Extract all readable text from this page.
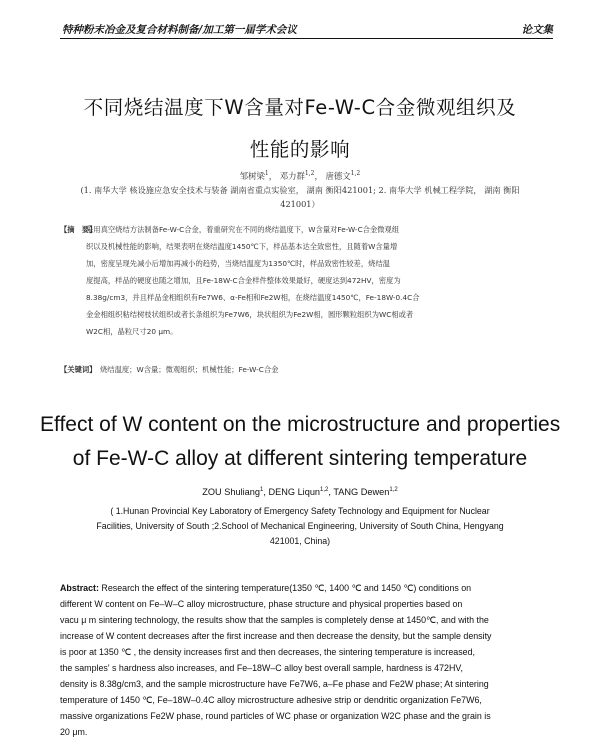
特种粉末冶金及复合材料制备/加工第一届学术会议	论文集
不同烧结温度下W含量对Fe-W-C合金微观组织及
性能的影响
邹树梁$^1$， 邓力群$^{1,2}$， 唐德文$^{1,2}$
(1. 南华大学 核设施应急安全技术与装备 湖南省重点实验室， 湖南 衡阳421001; 2. 南华大学 机械工程学院， 湖南 衡阳
421001）
【摘　要】
采用真空烧结方法制备Fe-W-C合金，着重研究在不同的烧结温度下，W含量对Fe-W-C合金微观组
织以及机械性能的影响，结果表明在烧结温度1450℃下，样品基本达全致密性，且随着W含量增
加，密度呈现先减小后增加再减小的趋势，当烧结温度为1350℃时，样品致密性较差，烧结温
度提高，样品的硬度也随之增加，且Fe-18W-C合金样件整体效果最好，硬度达到472HV，密度为
8.38g/cm3，并且样品金相组织有Fe7W6、α-Fe相和Fe2W相，在烧结温度1450℃，Fe-18W-0.4C合
金金相组织粘结树枝状组织或者长条组织为Fe7W6，块状组织为Fe2W相，圆形颗粒组织为WC相或者
W2C相，晶粒尺寸20 μm。
【关键词】 烧结温度；W含量；微观组织；机械性能；Fe-W-C合金
Effect of W content on the microstructure and properties
of Fe-W-C alloy at different sintering temperature
ZOU Shuliang$^1$, DENG Liqun$^{1,2}$, TANG Dewen$^{1,2}$
( 1.Hunan Provincial Key Laboratory of Emergency Safety Technology and Equipment for Nuclear
Facilities, University of South ;2.School of Mechanical Engineering, University of South China, Hengyang
421001, China)
Abstract: Research the effect of the sintering temperature(1350 ℃, 1400 ℃ and 1450 ℃) conditions on
different W content on Fe–W–C alloy microstructure, phase structure and physical properties based on
vacu μ m sintering technology, the results show that the samples is completely dense at 1450℃, and with the
increase of W content decreases after the first increase and then decrease the density, but the sample density
is poor at 1350 ℃ , the density increases first and then decreases, the sintering temperature is increased,
the samples' s hardness also increases, and Fe–18W–C alloy best overall sample, hardness is 472HV,
density is 8.38g/cm3, and the sample microstructure have Fe7W6, a–Fe phase and Fe2W phase; At sintering
temperature of 1450 ℃, Fe–18W–0.4C alloy microstructure adhesive strip or dendritic organization Fe7W6,
massive organizations Fe2W phase, round particles of WC phase or organization W2C phase and the grain is
20 μm.
